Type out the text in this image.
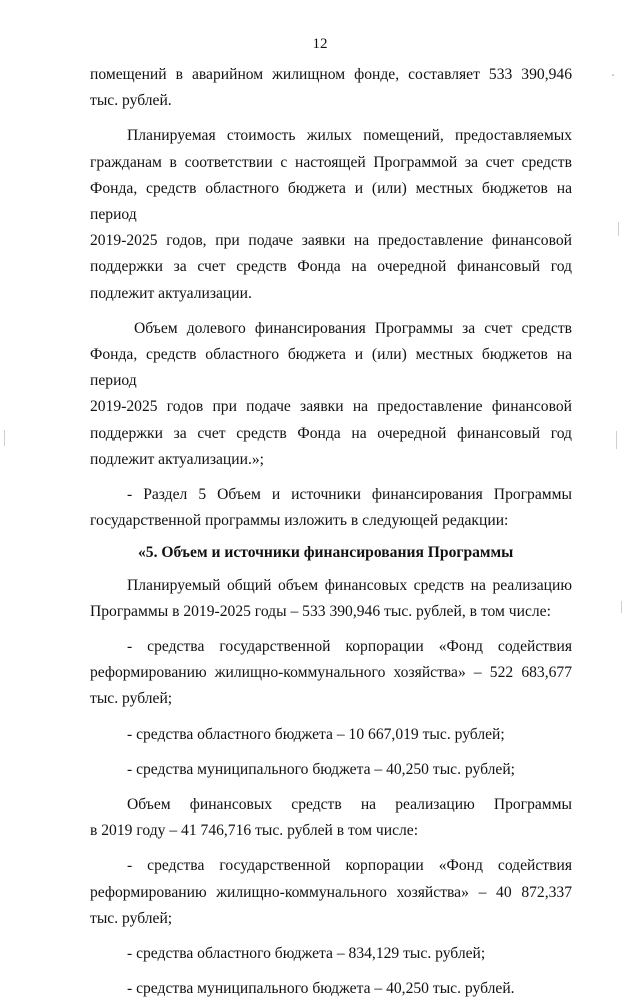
12
помещений в аварийном жилищном фонде, составляет 533 390,946
тыс. рублей.
Планируемая стоимость жилых помещений, предоставляемых
гражданам в соответствии с настоящей Программой за счет средств
Фонда, средств областного бюджета и (или) местных бюджетов на период
2019-2025 годов, при подаче заявки на предоставление финансовой
поддержки за счет средств Фонда на очередной финансовый год
подлежит актуализации.
Объем долевого финансирования Программы за счет средств
Фонда, средств областного бюджета и (или) местных бюджетов на период
2019-2025 годов при подаче заявки на предоставление финансовой
поддержки за счет средств Фонда на очередной финансовый год
подлежит актуализации.»;
- Раздел 5 Объем и источники финансирования Программы
государственной программы изложить в следующей редакции:
«5. Объем и источники финансирования Программы
Планируемый общий объем финансовых средств на реализацию
Программы в 2019-2025 годы – 533 390,946 тыс. рублей, в том числе:
- средства государственной корпорации «Фонд содействия
реформированию жилищно-коммунального хозяйства» – 522 683,677
тыс. рублей;
- средства областного бюджета – 10 667,019 тыс. рублей;
- средства муниципального бюджета – 40,250 тыс. рублей;
Объем финансовых средств на реализацию Программы
в 2019 году – 41 746,716 тыс. рублей в том числе:
- средства государственной корпорации «Фонд содействия
реформированию жилищно-коммунального хозяйства» – 40 872,337
тыс. рублей;
- средства областного бюджета – 834,129 тыс. рублей;
- средства муниципального бюджета – 40,250 тыс. рублей.
